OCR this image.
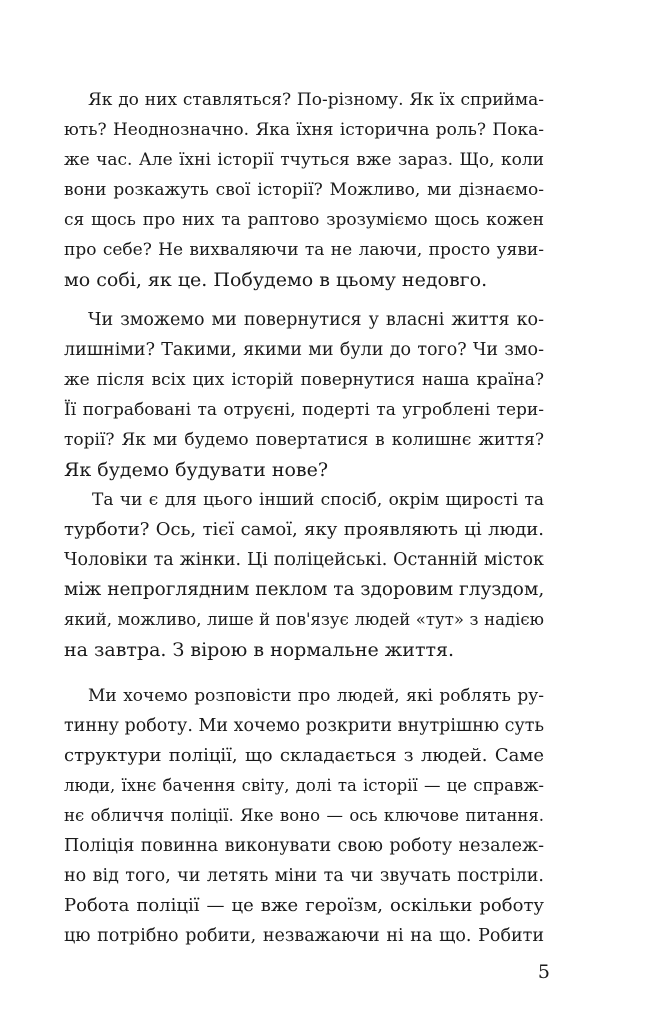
Як до них ставляться? По-різному. Як їх сприйма-
ють? Неоднозначно. Яка їхня історична роль? Пока-
же час. Але їхні історії тчуться вже зараз. Що, коли
вони розкажуть свої історії? Можливо, ми дізнаємо-
ся щось про них та раптово зрозуміємо щось кожен
про себе? Не вихваляючи та не лаючи, просто уяви-
мо собі, як це. Побудемо в цьому недовго.
Чи зможемо ми повернутися у власні життя ко-
лишніми? Такими, якими ми були до того? Чи змо-
же після всіх цих історій повернутися наша країна?
Її пограбовані та отруєні, подерті та угроблені тери-
торії? Як ми будемо повертатися в колишнє життя?
Як будемо будувати нове?
Та чи є для цього інший спосіб, окрім щирості та
турботи? Ось, тієї самої, яку проявляють ці люди.
Чоловіки та жінки. Ці поліцейські. Останній місток
між непроглядним пеклом та здоровим глуздом,
який, можливо, лише й пов'язує людей «тут» з надією
на завтра. З вірою в нормальне життя.
Ми хочемо розповісти про людей, які роблять ру-
тинну роботу. Ми хочемо розкрити внутрішню суть
структури поліції, що складається з людей. Саме
люди, їхнє бачення світу, долі та історії — це справж-
нє обличчя поліції. Яке воно — ось ключове питання.
Поліція повинна виконувати свою роботу незалеж-
но від того, чи летять міни та чи звучать постріли.
Робота поліції — це вже героїзм, оскільки роботу
цю потрібно робити, незважаючи ні на що. Робити
5
